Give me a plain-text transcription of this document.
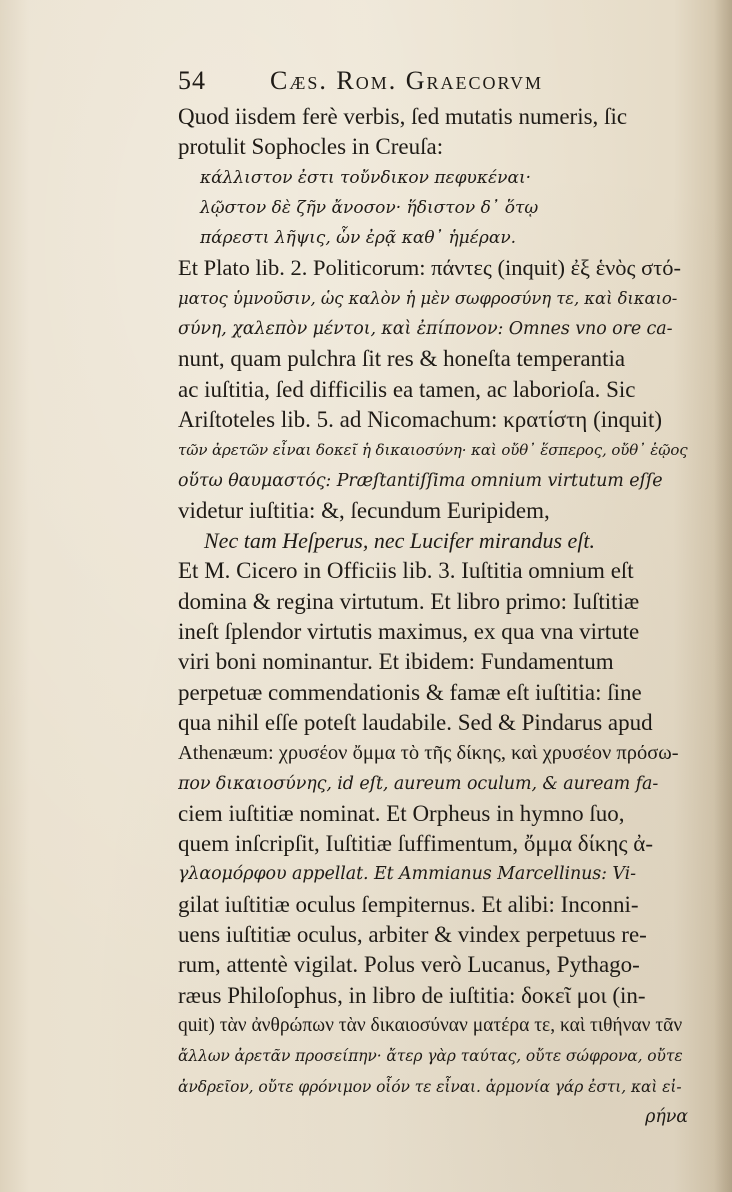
54 Cæs. Rom. Graecorvm
Quod iisdem ferè verbis, ſed mutatis numeris, ſic
protulit Sophocles in Creuſa:
κάλλιστον ἐστι τοὔνδικον πεφυκέναι·
λῷστον δὲ ζῆν ἄνοσον· ἥδιστον δ᾽ ὅτῳ
πάρεστι λῆψις, ὧν ἐρᾷ καθ᾽ ἡμέραν.
Et Plato lib. 2. Politicorum: πάντες (inquit) ἐξ ἑνὸς στό-
ματος ὑμνοῦσιν, ὡς καλὸν ἡ μὲν σωφροσύνη τε, καὶ δικαιο-
σύνη, χαλεπὸν μέντοι, καὶ ἐπίπονον: Omnes vno ore ca-
nunt, quam pulchra ſit res & honeſta temperantia
ac iuſtitia, ſed difficilis ea tamen, ac laborioſa. Sic
Ariſtoteles lib. 5. ad Nicomachum: κρατίστη (inquit)
τῶν ἀρετῶν εἶναι δοκεῖ ἡ δικαιοσύνη· καὶ οὔθ᾽ ἕσπερος, οὔθ᾽ ἑῷος
οὕτω θαυμαστός: Præſtantiſſima omnium virtutum eſſe
videtur iuſtitia: &, ſecundum Euripidem,
Nec tam Heſperus, nec Lucifer mirandus eſt.
Et M. Cicero in Officiis lib. 3. Iuſtitia omnium eſt
domina & regina virtutum. Et libro primo: Iuſtitiæ
ineſt ſplendor virtutis maximus, ex qua vna virtute
viri boni nominantur. Et ibidem: Fundamentum
perpetuæ commendationis & famæ eſt iuſtitia: ſine
qua nihil eſſe poteſt laudabile. Sed & Pindarus apud
Athenæum: χρυσέον ὄμμα τὸ τῆς δίκης, καὶ χρυσέον πρόσω-
πον δικαιοσύνης, id eſt, aureum oculum, & auream fa-
ciem iuſtitiæ nominat. Et Orpheus in hymno ſuo,
quem inſcripſit, Iuſtitiæ ſuffimentum, ὄμμα δίκης ἀ-
γλαομόρφου appellat. Et Ammianus Marcellinus: Vi-
gilat iuſtitiæ oculus ſempiternus. Et alibi: Inconni-
uens iuſtitiæ oculus, arbiter & vindex perpetuus re-
rum, attentè vigilat. Polus verò Lucanus, Pythago-
ræus Philoſophus, in libro de iuſtitia: δοκεῖ μοι (in-
quit) τὰν ἀνθρώπων τὰν δικαιοσύναν ματέρα τε, καὶ τιθήναν τᾶν
ἄλλων ἀρετᾶν προσείπην· ἄτερ γὰρ ταύτας, οὔτε σώφρονα, οὔτε
ἀνδρεῖον, οὔτε φρόνιμον οἷόν τε εἶναι. ἁρμονία γάρ ἐστι, καὶ εἰ-
ρήνα
